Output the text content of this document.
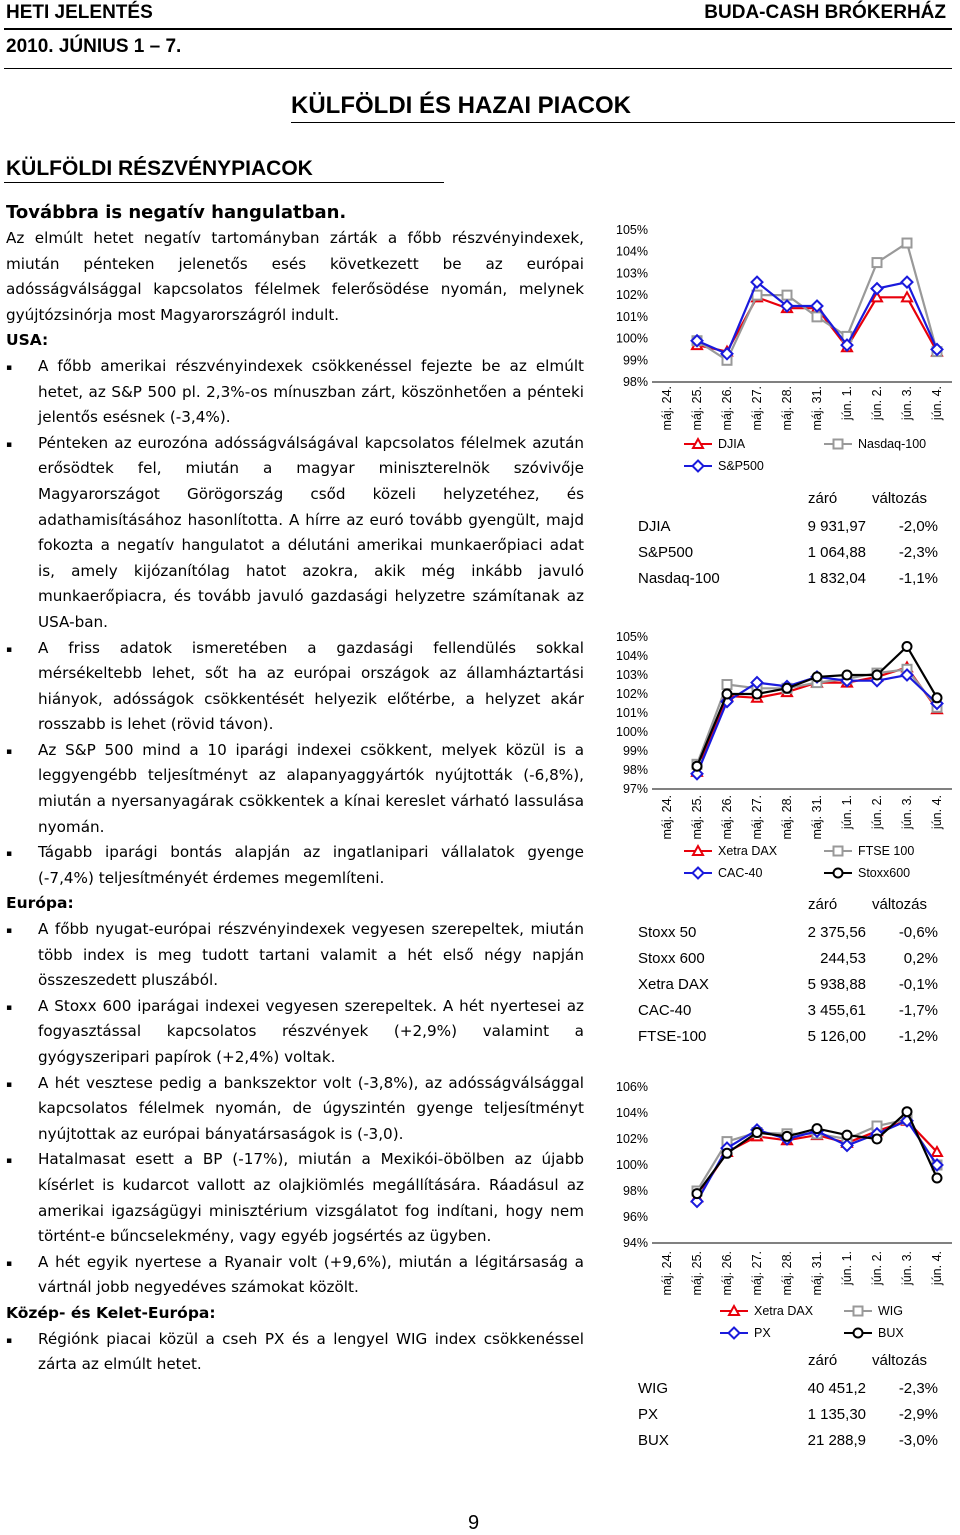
HETI JELENTÉS	BUDA-CASH BRÓKERHÁZ
2010. JÚNIUS 1 – 7.
KÜLFÖLDI ÉS HAZAI PIACOK
KÜLFÖLDI RÉSZVÉNYPIACOK

Továbbra is negatív hangulatban.

Az elmúlt hetet negatív tartományban zárták a főbb részvényindexek, miután pénteken jelenetős esés következett be az európai adósságválsággal kapcsolatos félelmek felerősödése nyomán, melynek gyújtózsinórja most Magyarországról indult.

USA:

▪	A főbb amerikai részvényindexek csökkenéssel fejezte be az elmúlt hetet, az S&P 500 pl. 2,3%-os mínuszban zárt, köszönhetően a pénteki jelentős esésnek (-3,4%).
▪	Pénteken az eurozóna adósságválságával kapcsolatos félelmek azután erősödtek fel, miután a magyar miniszterelnök szóvivője Magyarországot Görögország csőd közeli helyzetéhez, és adathamisításához hasonlította. A hírre az euró tovább gyengült, majd fokozta a negatív hangulatot a délutáni amerikai munkaerőpiaci adat is, amely kijózanítólag hatot azokra, akik még inkább javuló munkaerőpiacra, és tovább javuló gazdasági helyzetre számítanak az USA-ban.
▪	A friss adatok ismeretében a gazdasági fellendülés sokkal mérsékeltebb lehet, sőt ha az európai országok az államháztartási hiányok, adósságok csökkentését helyezik előtérbe, a helyzet akár rosszabb is lehet (rövid távon).
▪	Az S&P 500 mind a 10 iparági indexei csökkent, melyek közül is a leggyengébb teljesítményt az alapanyaggyártók nyújtották (-6,8%), miután a nyersanyagárak csökkentek a kínai kereslet várható lassulása nyomán.
▪	Tágabb iparági bontás alapján az ingatlanipari vállalatok gyenge (-7,4%) teljesítményét érdemes megemlíteni.

Európa:

▪	A főbb nyugat-európai részvényindexek vegyesen szerepeltek, miután több index is meg tudott tartani valamit a hét első négy napján összeszedett pluszából.
▪	A Stoxx 600 iparágai indexei vegyesen szerepeltek. A hét nyertesei az fogyasztással kapcsolatos részvények (+2,9%) valamint a gyógyszeripari papírok (+2,4%) voltak.
▪	A hét vesztese pedig a bankszektor volt (-3,8%), az adósságválsággal kapcsolatos félelmek nyomán, de úgyszintén gyenge teljesítményt nyújtottak az európai bányatársaságok is (-3,0).
▪	Hatalmasat esett a BP (-17%), miután a Mexikói-öbölben az újabb kísérlet is kudarcot vallott az olajkiömlés megállítására. Ráadásul az amerikai igazságügyi minisztérium vizsgálatot fog indítani, hogy nem történt-e bűncselekmény, vagy egyéb jogsértés az ügyben.
▪	A hét egyik nyertese a Ryanair volt (+9,6%), miután a légitársaság a vártnál jobb negyedéves számokat közölt.

Közép- és Kelet-Európa:

▪	Régiónk piacai közül a cseh PX és a lengyel WIG index csökkenéssel zárta az elmúlt hetet.
105%
104%
103%
102%
101%
100%
99%
98%
máj. 24. máj. 25. máj. 26. máj. 27. máj. 28. máj. 31. jún. 1. jún. 2. jún. 3. jún. 4.
DJIA	Nasdaq-100
S&P500
záró változás
DJIA	9 931,97 -2,0%
S&P500	1 064,88 -2,3%
Nasdaq-100	1 832,04 -1,1%
105%
104%
103%
102%
101%
100%
99%
98%
97%
máj. 24. máj. 25. máj. 26. máj. 27. máj. 28. máj. 31. jún. 1. jún. 2. jún. 3. jún. 4.
Xetra DAX	FTSE 100
CAC-40	Stoxx600
záró változás
Stoxx 50	2 375,56 -0,6%
Stoxx 600	244,53	0,2%
Xetra DAX	5 938,88 -0,1%
CAC-40	3 455,61 -1,7%
FTSE-100	5 126,00 -1,2%
106%
104%
102%
100%
98%
96%
94%
máj. 24. máj. 25. máj. 26. máj. 27. máj. 28. máj. 31. jún. 1. jún. 2. jún. 3. jún. 4.
Xetra DAX	WIG
PX	BUX
záró változás
WIG	40 451,2 -2,3%
PX	1 135,30 -2,9%
BUX	21 288,9 -3,0%
9
